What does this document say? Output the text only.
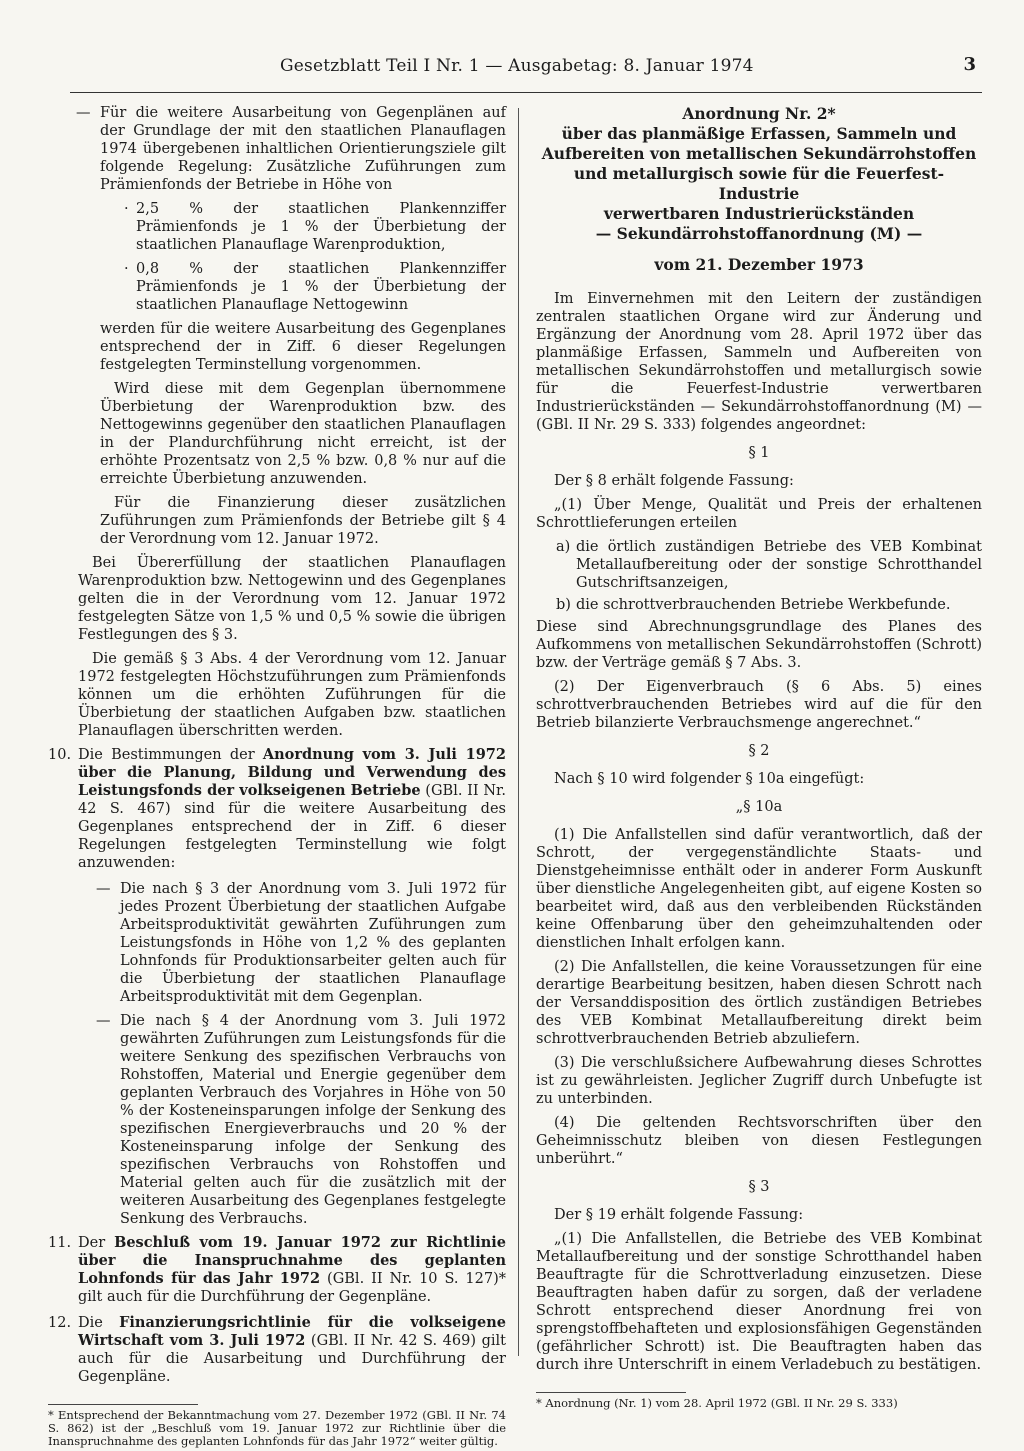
Gesetzblatt Teil I Nr. 1 — Ausgabetag: 8. Januar 1974	3
— Für die weitere Ausarbeitung von Gegenplänen auf der Grundlage der mit den staatlichen Planauflagen 1974 übergebenen inhaltlichen Orientierungsziele gilt folgende Regelung: Zusätzliche Zuführungen zum Prämienfonds der Betriebe in Höhe von
· 2,5 % der staatlichen Plankennziffer Prämienfonds je 1 % der Überbietung der staatlichen Planauflage Warenproduktion,
· 0,8 % der staatlichen Plankennziffer Prämienfonds je 1 % der Überbietung der staatlichen Planauflage Nettogewinn

werden für die weitere Ausarbeitung des Gegenplanes entsprechend der in Ziff. 6 dieser Regelungen festgelegten Terminstellung vorgenommen.

Wird diese mit dem Gegenplan übernommene Überbietung der Warenproduktion bzw. des Nettogewinns gegenüber den staatlichen Planauflagen in der Plandurchführung nicht erreicht, ist der erhöhte Prozentsatz von 2,5 % bzw. 0,8 % nur auf die erreichte Überbietung anzuwenden.

Für die Finanzierung dieser zusätzlichen Zuführungen zum Prämienfonds der Betriebe gilt § 4 der Verordnung vom 12. Januar 1972.

Bei Übererfüllung der staatlichen Planauflagen Warenproduktion bzw. Nettogewinn und des Gegenplanes gelten die in der Verordnung vom 12. Januar 1972 festgelegten Sätze von 1,5 % und 0,5 % sowie die übrigen Festlegungen des § 3.

Die gemäß § 3 Abs. 4 der Verordnung vom 12. Januar 1972 festgelegten Höchstzuführungen zum Prämienfonds können um die erhöhten Zuführungen für die Überbietung der staatlichen Aufgaben bzw. staatlichen Planauflagen überschritten werden.

10. Die Bestimmungen der Anordnung vom 3. Juli 1972 über die Planung, Bildung und Verwendung des Leistungsfonds der volkseigenen Betriebe (GBl. II Nr. 42 S. 467) sind für die weitere Ausarbeitung des Gegenplanes entsprechend der in Ziff. 6 dieser Regelungen festgelegten Terminstellung wie folgt anzuwenden:
— Die nach § 3 der Anordnung vom 3. Juli 1972 für jedes Prozent Überbietung der staatlichen Aufgabe Arbeitsproduktivität gewährten Zuführungen zum Leistungsfonds in Höhe von 1,2 % des geplanten Lohnfonds für Produktionsarbeiter gelten auch für die Überbietung der staatlichen Planauflage Arbeitsproduktivität mit dem Gegenplan.
— Die nach § 4 der Anordnung vom 3. Juli 1972 gewährten Zuführungen zum Leistungsfonds für die weitere Senkung des spezifischen Verbrauchs von Rohstoffen, Material und Energie gegenüber dem geplanten Verbrauch des Vorjahres in Höhe von 50 % der Kosteneinsparungen infolge der Senkung des spezifischen Energieverbrauchs und 20 % der Kosteneinsparung infolge der Senkung des spezifischen Verbrauchs von Rohstoffen und Material gelten auch für die zusätzlich mit der weiteren Ausarbeitung des Gegenplanes festgelegte Senkung des Verbrauchs.
11. Der Beschluß vom 19. Januar 1972 zur Richtlinie über die Inanspruchnahme des geplanten Lohnfonds für das Jahr 1972 (GBl. II Nr. 10 S. 127)* gilt auch für die Durchführung der Gegenpläne.
12. Die Finanzierungsrichtlinie für die volkseigene Wirtschaft vom 3. Juli 1972 (GBl. II Nr. 42 S. 469) gilt auch für die Ausarbeitung und Durchführung der Gegenpläne.
* Entsprechend der Bekanntmachung vom 27. Dezember 1972 (GBl. II Nr. 74 S. 862) ist der „Beschluß vom 19. Januar 1972 zur Richtlinie über die Inanspruchnahme des geplanten Lohnfonds für das Jahr 1972“ weiter gültig.
Anordnung Nr. 2*
über das planmäßige Erfassen, Sammeln und
Aufbereiten von metallischen Sekundärrohstoffen
und metallurgisch sowie für die Feuerfest-Industrie
verwertbaren Industrierückständen
— Sekundärrohstoffanordnung (M) —
vom 21. Dezember 1973

Im Einvernehmen mit den Leitern der zuständigen zentralen staatlichen Organe wird zur Änderung und Ergänzung der Anordnung vom 28. April 1972 über das planmäßige Erfassen, Sammeln und Aufbereiten von metallischen Sekundärrohstoffen und metallurgisch sowie für die Feuerfest-Industrie verwertbaren Industrierückständen — Sekundärrohstoffanordnung (M) — (GBl. II Nr. 29 S. 333) folgendes angeordnet:

§ 1

Der § 8 erhält folgende Fassung:

„(1) Über Menge, Qualität und Preis der erhaltenen Schrottlieferungen erteilen

a) die örtlich zuständigen Betriebe des VEB Kombinat Metallaufbereitung oder der sonstige Schrotthandel Gutschriftsanzeigen,
b) die schrottverbrauchenden Betriebe Werkbefunde.

Diese sind Abrechnungsgrundlage des Planes des Aufkommens von metallischen Sekundärrohstoffen (Schrott) bzw. der Verträge gemäß § 7 Abs. 3.

(2) Der Eigenverbrauch (§ 6 Abs. 5) eines schrottverbrauchenden Betriebes wird auf die für den Betrieb bilanzierte Verbrauchsmenge angerechnet.“

§ 2

Nach § 10 wird folgender § 10a eingefügt:

„§ 10a

(1) Die Anfallstellen sind dafür verantwortlich, daß der Schrott, der vergegenständlichte Staats- und Dienstgeheimnisse enthält oder in anderer Form Auskunft über dienstliche Angelegenheiten gibt, auf eigene Kosten so bearbeitet wird, daß aus den verbleibenden Rückständen keine Offenbarung über den geheimzuhaltenden oder dienstlichen Inhalt erfolgen kann.

(2) Die Anfallstellen, die keine Voraussetzungen für eine derartige Bearbeitung besitzen, haben diesen Schrott nach der Versanddisposition des örtlich zuständigen Betriebes des VEB Kombinat Metallaufbereitung direkt beim schrottverbrauchenden Betrieb abzuliefern.

(3) Die verschlußsichere Aufbewahrung dieses Schrottes ist zu gewährleisten. Jeglicher Zugriff durch Unbefugte ist zu unterbinden.

(4) Die geltenden Rechtsvorschriften über den Geheimnisschutz bleiben von diesen Festlegungen unberührt.“

§ 3

Der § 19 erhält folgende Fassung:

„(1) Die Anfallstellen, die Betriebe des VEB Kombinat Metallaufbereitung und der sonstige Schrotthandel haben Beauftragte für die Schrottverladung einzusetzen. Diese Beauftragten haben dafür zu sorgen, daß der verladene Schrott entsprechend dieser Anordnung frei von sprengstoffbehafteten und explosionsfähigen Gegenständen (gefährlicher Schrott) ist. Die Beauftragten haben das durch ihre Unterschrift in einem Verladebuch zu bestätigen.

* Anordnung (Nr. 1) vom 28. April 1972 (GBl. II Nr. 29 S. 333)
